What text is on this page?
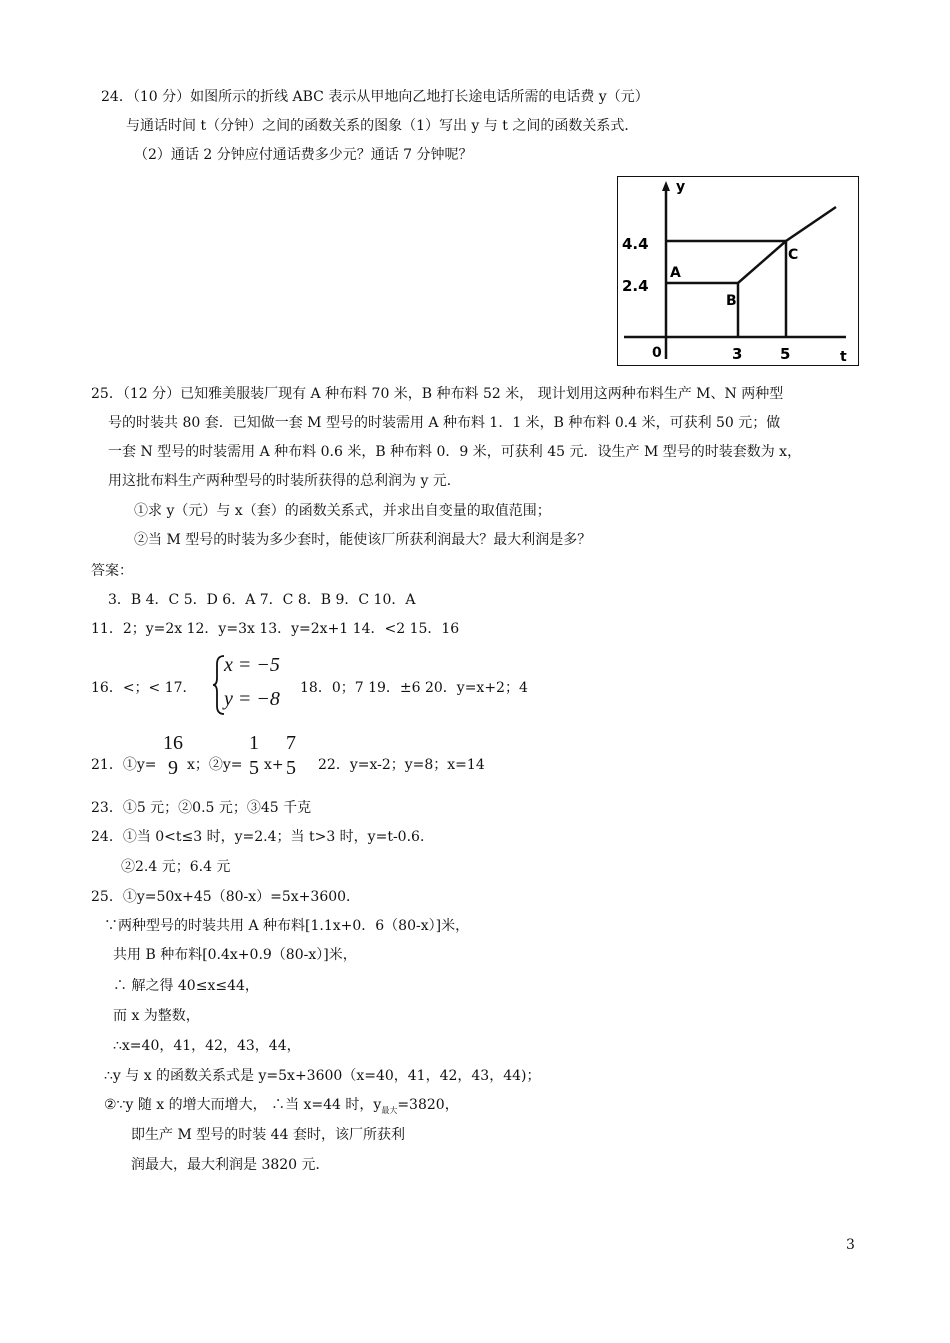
24．（10 分）如图所示的折线 ABC 表示从甲地向乙地打长途电话所需的电话费 y（元）
与通话时间 t（分钟）之间的函数关系的图象（1）写出 y 与 t 之间的函数关系式．
（2）通话 2 分钟应付通话费多少元？通话 7 分钟呢？
y
t
0
4.4
2.4
3	5
A
B
C
25．（12 分）已知雅美服装厂现有 A 种布料 70 米，B 种布料 52 米， 现计划用这两种布料生产 M、N 两种型
号的时装共 80 套．已知做一套 M 型号的时装需用 A 种布料 1．1 米，B 种布料 0.4 米，可获利 50 元；做
一套 N 型号的时装需用 A 种布料 0.6 米，B 种布料 0．9 米，可获利 45 元．设生产 M 型号的时装套数为 x，
用这批布料生产两种型号的时装所获得的总利润为 y 元．
①求 y（元）与 x（套）的函数关系式，并求出自变量的取值范围；
②当 M 型号的时装为多少套时，能使该厂所获利润最大？最大利润是多？
答案：
3．B 4．C 5．D 6．A 7．C 8．B 9．C 10．A
11．2；y=2x 12．y=3x 13．y=2x+1 14．<2 15．16
16．<；< 17．
x = −5
y = −8 18．0；7 19．±6 20．y=x+2；4
21．①y=
16
9 x；②y=
1
5 x+
7
5 22．y=x-2；y=8；x=14
23．①5 元；②0.5 元；③45 千克
24．①当 0<t≤3 时，y=2.4；当 t>3 时，y=t-0.6．
②2.4 元；6.4 元
25．①y=50x+45（80-x）=5x+3600．
∵两种型号的时装共用 A 种布料[1.1x+0．6（80-x）]米，
共用 B 种布料[0.4x+0.9（80-x）]米，
∴ 解之得 40≤x≤44，
而 x 为整数，
∴x=40，41，42，43，44，
∴y 与 x 的函数关系式是 y=5x+3600（x=40，41，42，43，44)；
②∵y 随 x 的增大而增大， ∴当 x=44 时，$y_{最大}=3820$，
即生产 M 型号的时装 44 套时，该厂所获利
润最大，最大利润是 3820 元．
3
